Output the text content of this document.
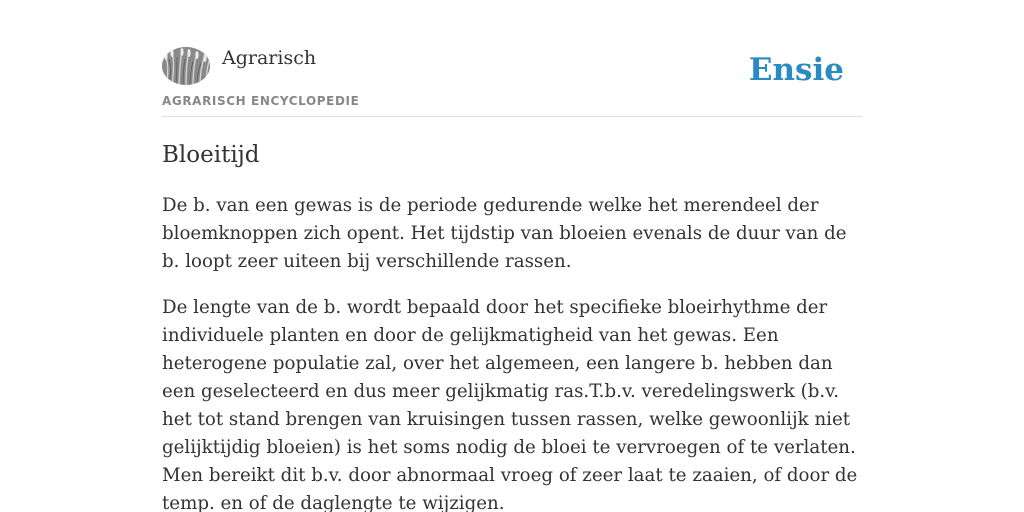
Agrarisch
AGRARISCH ENCYCLOPEDIE
Ensie
Bloeitijd

De b. van een gewas is de periode gedurende welke het merendeel der bloemknoppen zich opent. Het tijdstip van bloeien evenals de duur van de b. loopt zeer uiteen bij verschillende rassen.

De lengte van de b. wordt bepaald door het specifieke bloeirhythme der individuele planten en door de gelijkmatigheid van het gewas. Een heterogene populatie zal, over het algemeen, een langere b. hebben dan een geselecteerd en dus meer gelijkmatig ras.T.b.v. veredelingswerk (b.v. het tot stand brengen van kruisingen tussen rassen, welke gewoonlijk niet gelijktijdig bloeien) is het soms nodig de bloei te vervroegen of te verlaten. Men bereikt dit b.v. door abnormaal vroeg of zeer laat te zaaien, of door de temp. en of de daglengte te wijzigen.
